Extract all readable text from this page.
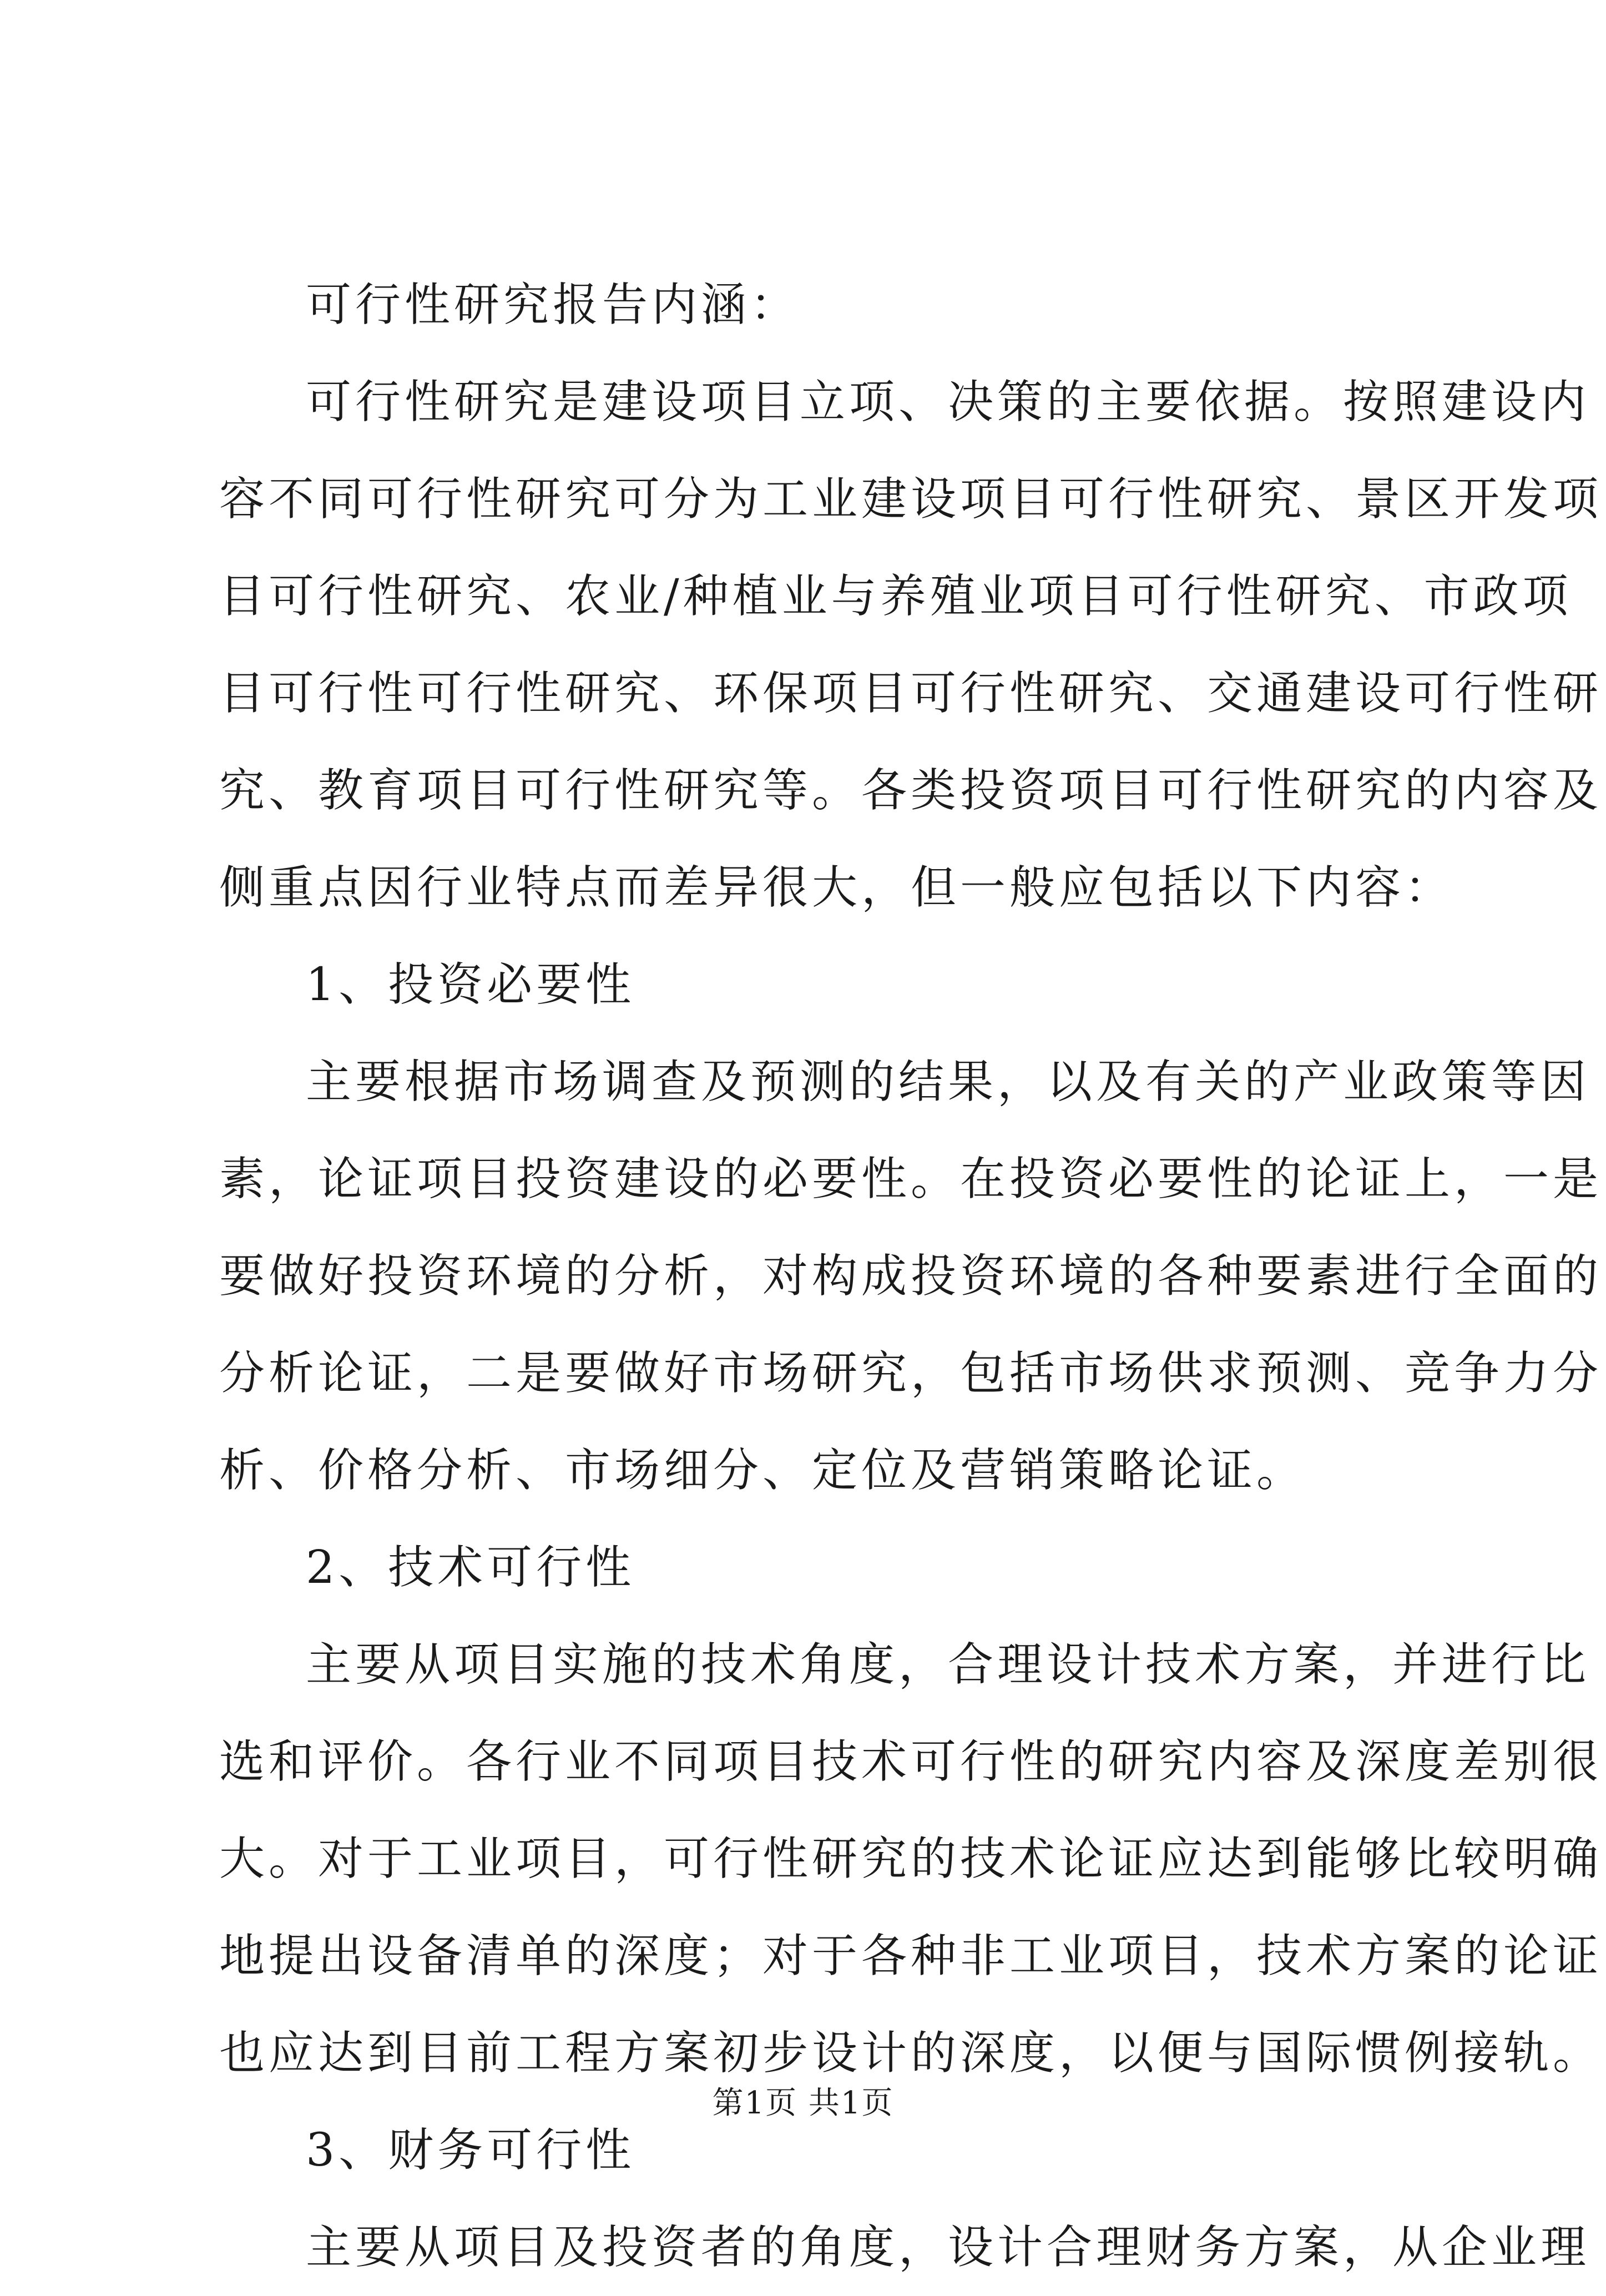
可行性研究报告内涵：
可行性研究是建设项目立项、决策的主要依据。按照建设内
容不同可行性研究可分为工业建设项目可行性研究、景区开发项
目可行性研究、农业/种植业与养殖业项目可行性研究、市政项
目可行性可行性研究、环保项目可行性研究、交通建设可行性研
究、教育项目可行性研究等。各类投资项目可行性研究的内容及
侧重点因行业特点而差异很大，但一般应包括以下内容：
1、投资必要性
主要根据市场调查及预测的结果，以及有关的产业政策等因
素，论证项目投资建设的必要性。在投资必要性的论证上，一是
要做好投资环境的分析，对构成投资环境的各种要素进行全面的
分析论证，二是要做好市场研究，包括市场供求预测、竞争力分
析、价格分析、市场细分、定位及营销策略论证。
2、技术可行性
主要从项目实施的技术角度，合理设计技术方案，并进行比
选和评价。各行业不同项目技术可行性的研究内容及深度差别很
大。对于工业项目，可行性研究的技术论证应达到能够比较明确
地提出设备清单的深度；对于各种非工业项目，技术方案的论证
也应达到目前工程方案初步设计的深度，以便与国际惯例接轨。
3、财务可行性
主要从项目及投资者的角度，设计合理财务方案，从企业理
第1页 共1页
